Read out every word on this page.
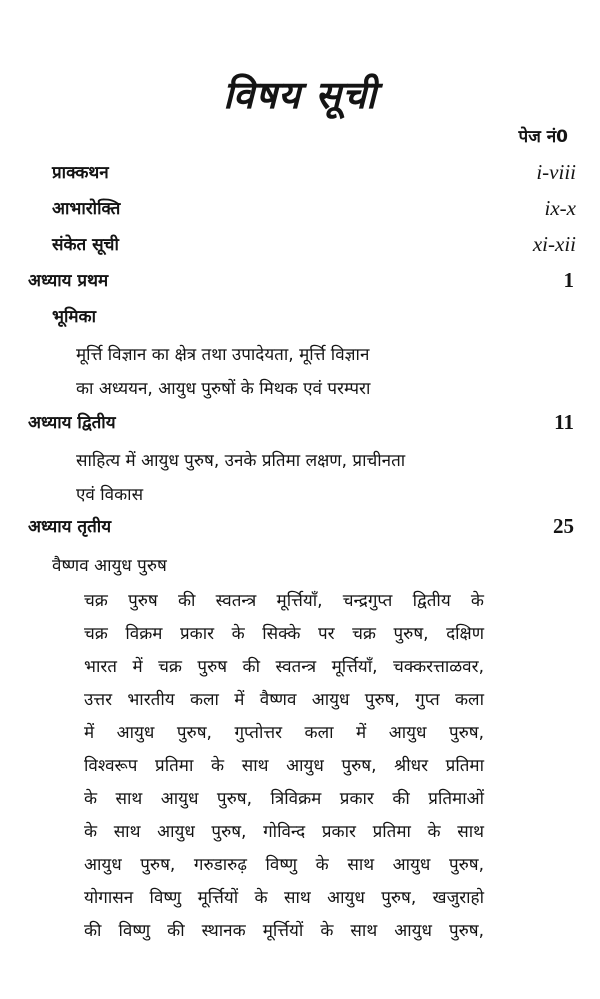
विषय सूची
पेज नं0
प्राक्कथन	i-viii
आभारोक्ति	ix-x
संकेत सूची	xi-xii
अध्याय प्रथम	1
भूमिका
मूर्त्ति विज्ञान का क्षेत्र तथा उपादेयता, मूर्त्ति विज्ञान
का अध्ययन, आयुध पुरुषों के मिथक एवं परम्परा
अध्याय द्वितीय	11
साहित्य में आयुध पुरुष, उनके प्रतिमा लक्षण, प्राचीनता
एवं विकास
अध्याय तृतीय	25
वैष्णव आयुध पुरुष
चक्र पुरुष की स्वतन्त्र मूर्त्तियाँ, चन्द्रगुप्त द्वितीय के
चक्र विक्रम प्रकार के सिक्के पर चक्र पुरुष, दक्षिण
भारत में चक्र पुरुष की स्वतन्त्र मूर्त्तियाँ, चक्करत्ताळवर,
उत्तर भारतीय कला में वैष्णव आयुध पुरुष, गुप्त कला
में आयुध पुरुष, गुप्तोत्तर कला में आयुध पुरुष,
विश्वरूप प्रतिमा के साथ आयुध पुरुष, श्रीधर प्रतिमा
के साथ आयुध पुरुष, त्रिविक्रम प्रकार की प्रतिमाओं
के साथ आयुध पुरुष, गोविन्द प्रकार प्रतिमा के साथ
आयुध पुरुष, गरुडारुढ़ विष्णु के साथ आयुध पुरुष,
योगासन विष्णु मूर्त्तियों के साथ आयुध पुरुष, खजुराहो
की विष्णु की स्थानक मूर्त्तियों के साथ आयुध पुरुष,
